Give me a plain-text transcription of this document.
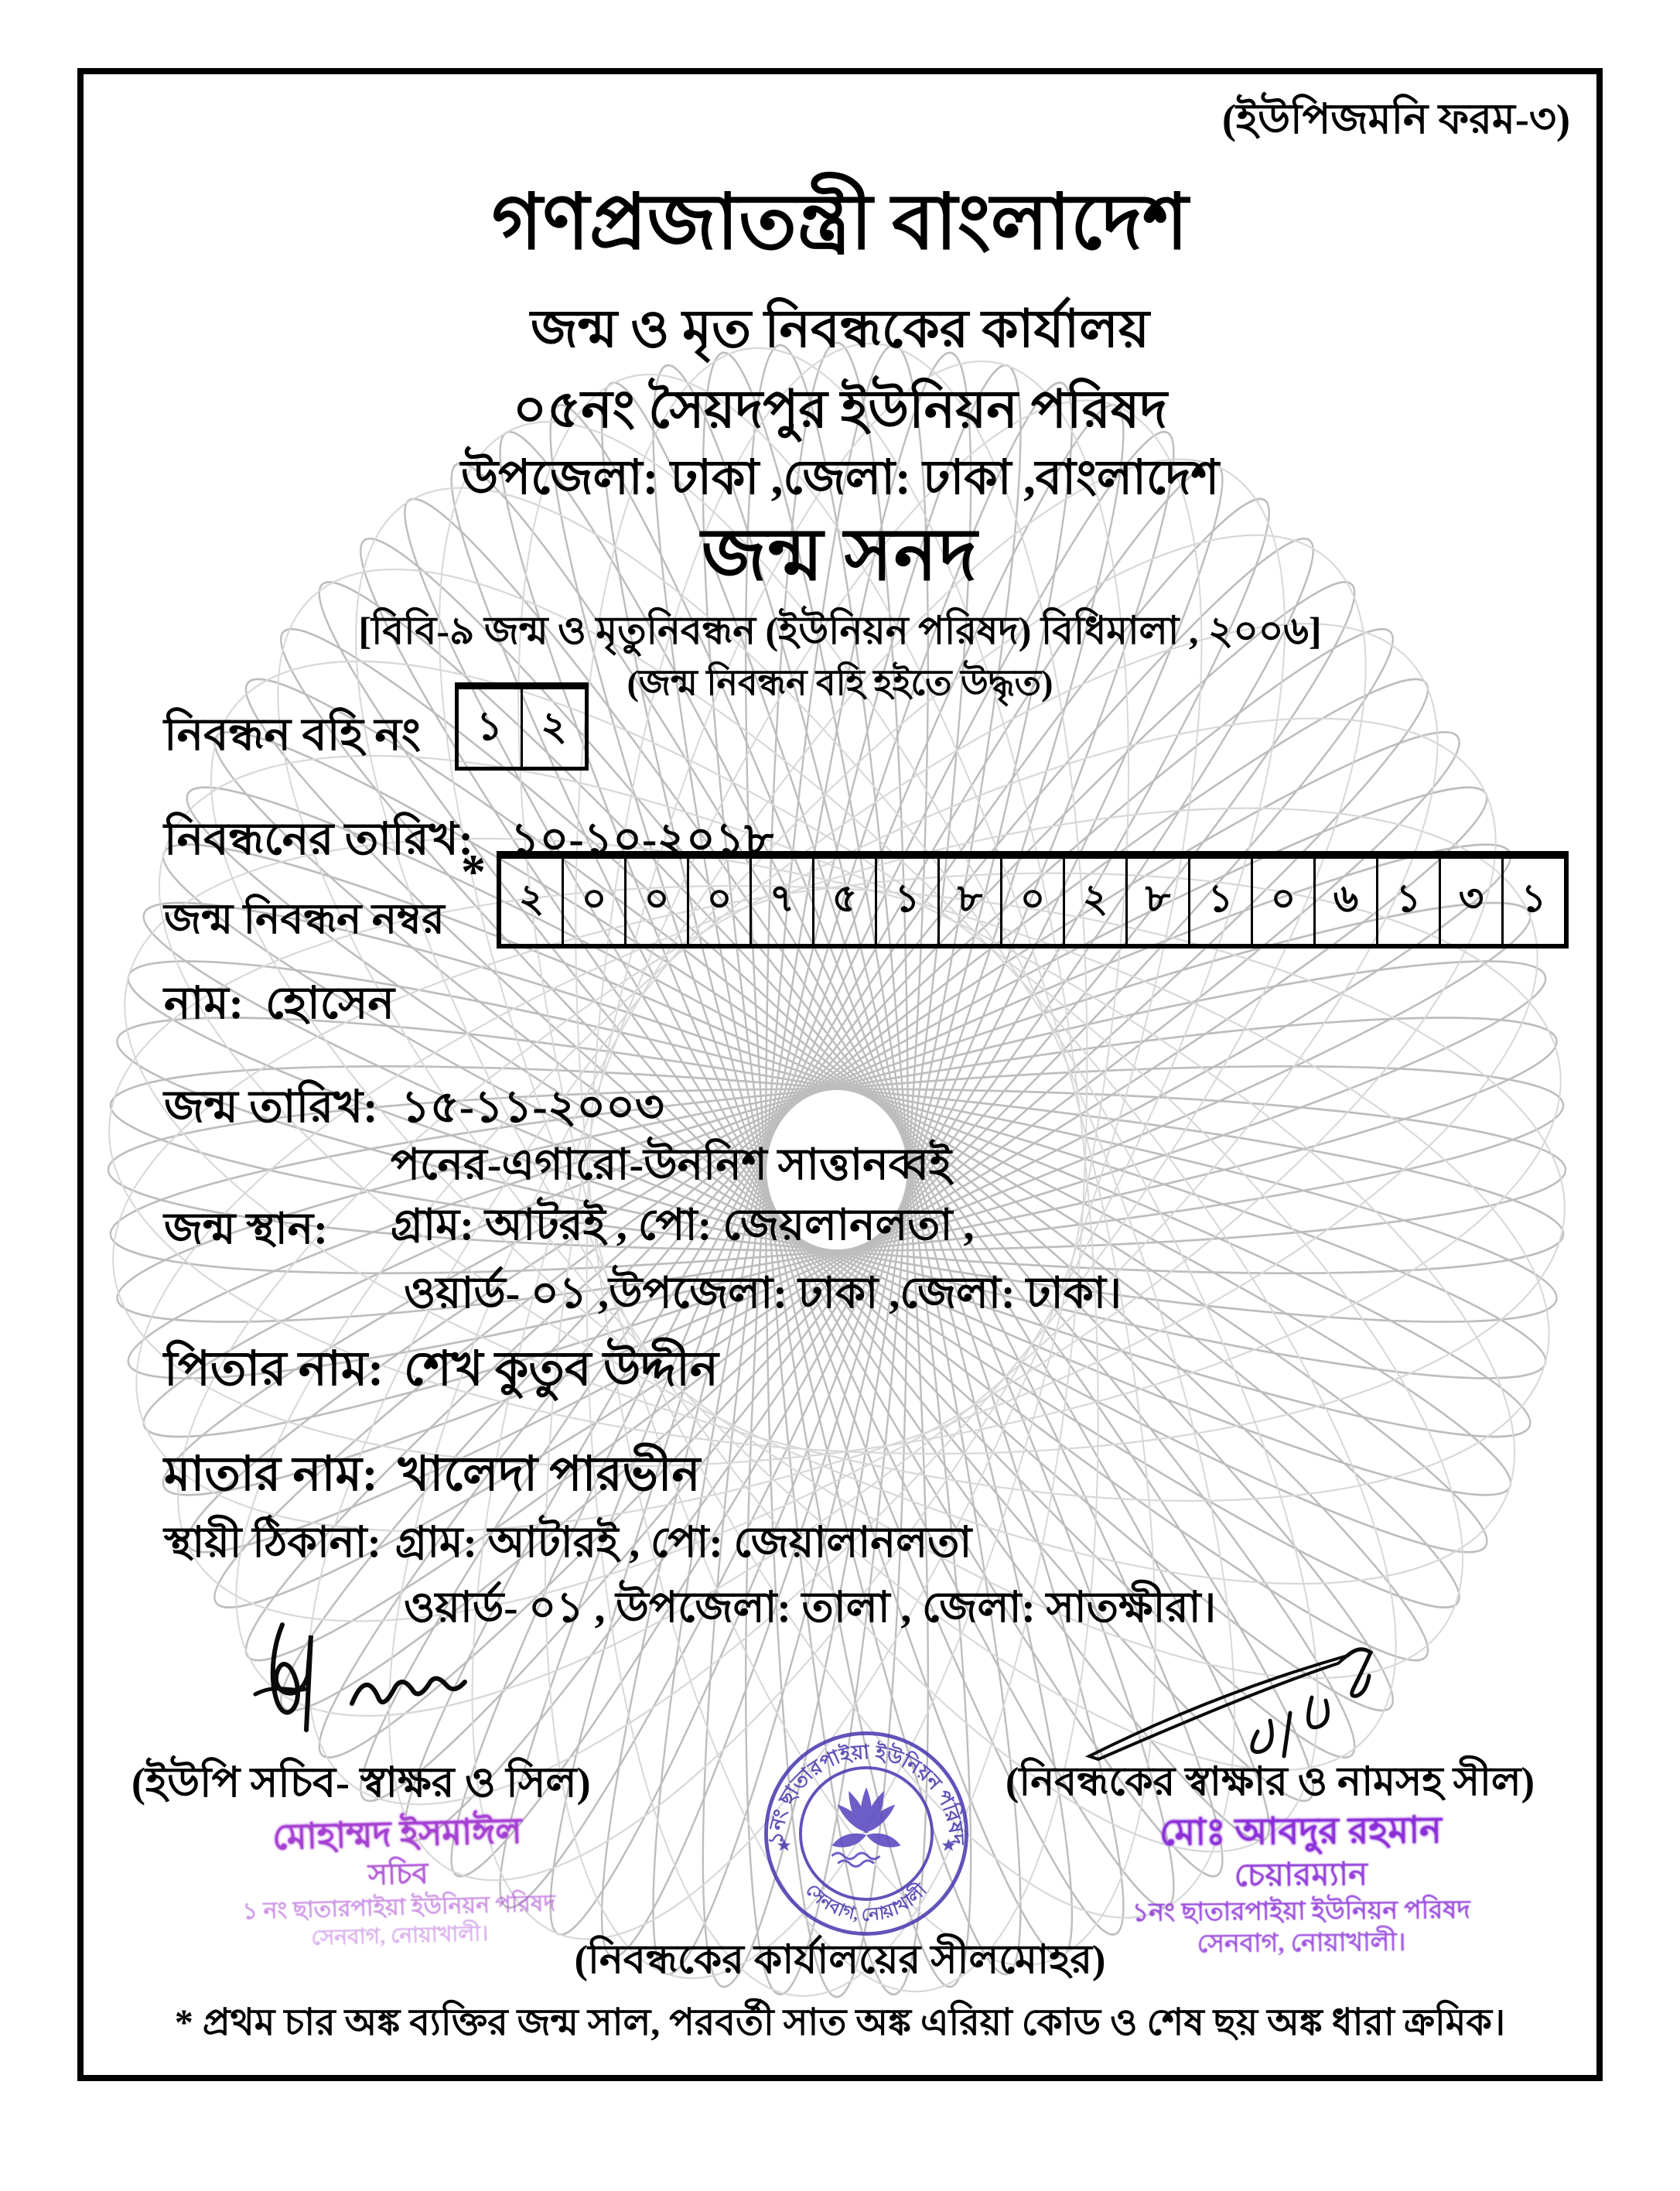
(ইউপিজমনি ফরম-৩)
গণপ্রজাতন্ত্রী বাংলাদেশ
জন্ম ও মৃত নিবন্ধকের কার্যালয়
০৫নং সৈয়দপুর ইউনিয়ন পরিষদ
উপজেলা: ঢাকা ,জেলা: ঢাকা ,বাংলাদেশ
জন্ম সনদ
[বিবি-৯ জন্ম ও মৃতুনিবন্ধন (ইউনিয়ন পরিষদ) বিধিমালা , ২০০৬]
(জন্ম নিবন্ধন বহি হইতে উদ্ধৃত)
নিবন্ধন বহি নং	১ ২
নিবন্ধনের তারিখ: ১০-১০-২০১৮
জন্ম নিবন্ধন নম্বর
* ২ ০ ০ ০ ৭ ৫ ১ ৮ ০ ২ ৮ ১ ০ ৬ ১ ৩ ১
নাম: হোসেন
জন্ম তারিখ: ১৫-১১-২০০৩
পনের-এগারো-উননিশ সাত্তানব্বই
জন্ম স্থান: গ্রাম: আটরই , পো: জেয়লানলতা ,
ওয়ার্ড- ০১ ,উপজেলা: ঢাকা ,জেলা: ঢাকা।
পিতার নাম: শেখ কুতুব উদ্দীন
মাতার নাম: খালেদা পারভীন
স্থায়ী ঠিকানা: গ্রাম: আটারই , পো: জেয়ালানলতা
ওয়ার্ড- ০১ , উপজেলা: তালা , জেলা: সাতক্ষীরা।
(ইউপি সচিব- স্বাক্ষর ও সিল)	(নিবন্ধকের স্বাক্ষার ও নামসহ সীল)
মোহাম্মদ ইসমাঈল
সচিব
১ নং ছাতারপাইয়া ইউনিয়ন পরিষদ
সেনবাগ, নোয়াখালী।
মোঃ আবদুর রহমান
চেয়ারম্যান
১নং ছাতারপাইয়া ইউনিয়ন পরিষদ
সেনবাগ, নোয়াখালী।
১নং ছাতারপাইয়া ইউনিয়ন পরিষদ
সেনবাগ, নোয়াখালী
(নিবন্ধকের কার্যালয়ের সীলমোহর)
* প্রথম চার অঙ্ক ব্যক্তির জন্ম সাল, পরবর্তী সাত অঙ্ক এরিয়া কোড ও শেষ ছয় অঙ্ক ধারা ক্রমিক।
